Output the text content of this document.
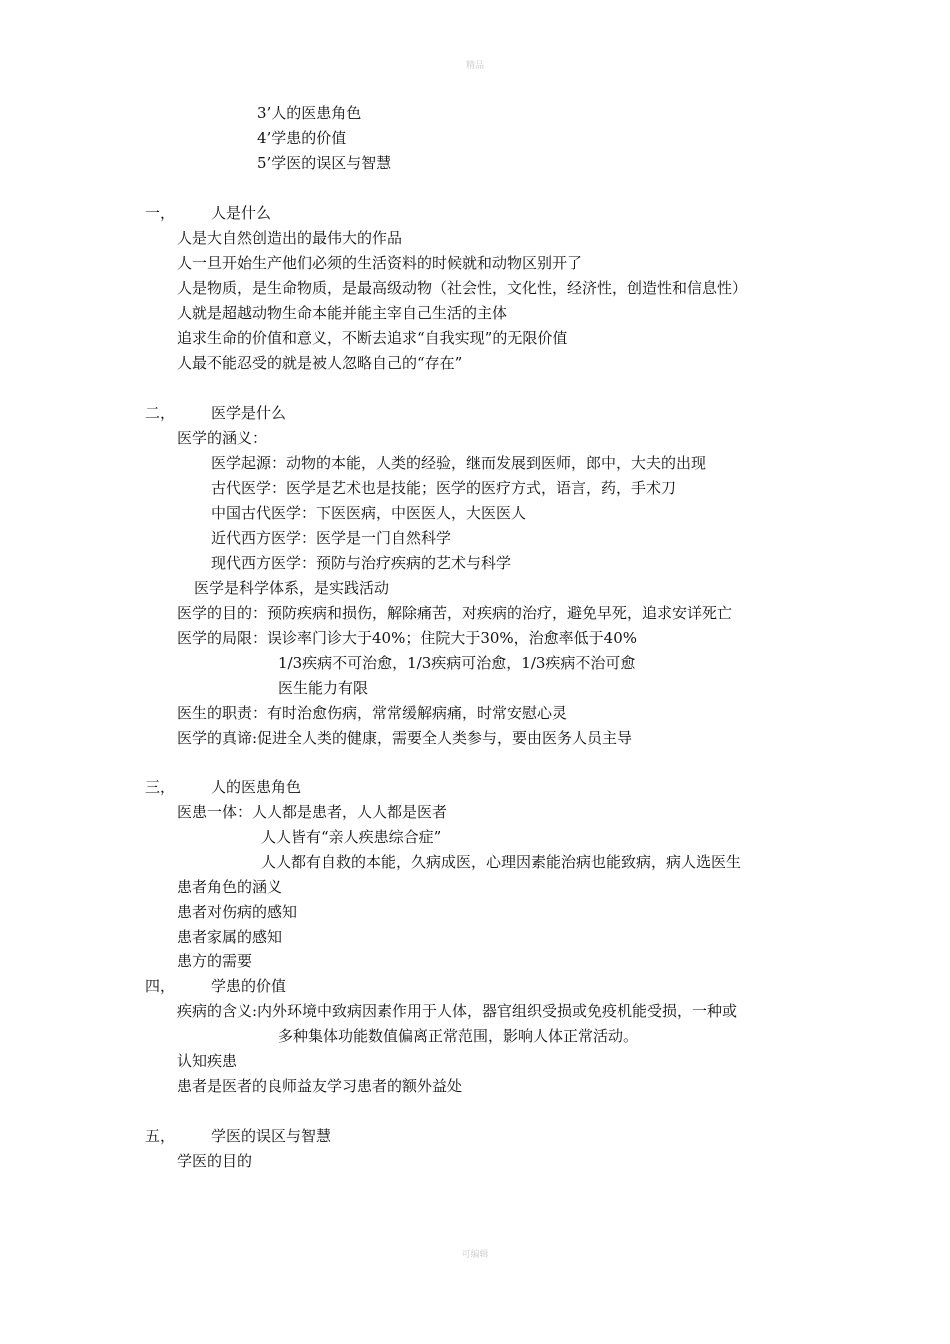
精品
3’人的医患角色
4’学患的价值
5’学医的误区与智慧
一， 人是什么
人是大自然创造出的最伟大的作品
人一旦开始生产他们必须的生活资料的时候就和动物区别开了
人是物质，是生命物质，是最高级动物（社会性，文化性，经济性，创造性和信息性）
人就是超越动物生命本能并能主宰自己生活的主体
追求生命的价值和意义，不断去追求“自我实现”的无限价值
人最不能忍受的就是被人忽略自己的“存在”
二， 医学是什么
医学的涵义：
医学起源：动物的本能，人类的经验，继而发展到医师，郎中，大夫的出现
古代医学：医学是艺术也是技能；医学的医疗方式，语言，药，手术刀
中国古代医学：下医医病，中医医人，大医医人
近代西方医学：医学是一门自然科学
现代西方医学：预防与治疗疾病的艺术与科学
医学是科学体系，是实践活动
医学的目的：预防疾病和损伤，解除痛苦，对疾病的治疗，避免早死，追求安详死亡
医学的局限：误诊率门诊大于40%；住院大于30%，治愈率低于40%
1/3疾病不可治愈，1/3疾病可治愈，1/3疾病不治可愈
医生能力有限
医生的职责：有时治愈伤病，常常缓解病痛，时常安慰心灵
医学的真谛:促进全人类的健康，需要全人类参与，要由医务人员主导
三， 人的医患角色
医患一体：人人都是患者，人人都是医者
人人皆有“亲人疾患综合症”
人人都有自救的本能，久病成医，心理因素能治病也能致病，病人选医生
患者角色的涵义
患者对伤病的感知
患者家属的感知
患方的需要
四， 学患的价值
疾病的含义:内外环境中致病因素作用于人体，器官组织受损或免疫机能受损，一种或
多种集体功能数值偏离正常范围，影响人体正常活动。
认知疾患
患者是医者的良师益友学习患者的额外益处
五， 学医的误区与智慧
学医的目的
可编辑
